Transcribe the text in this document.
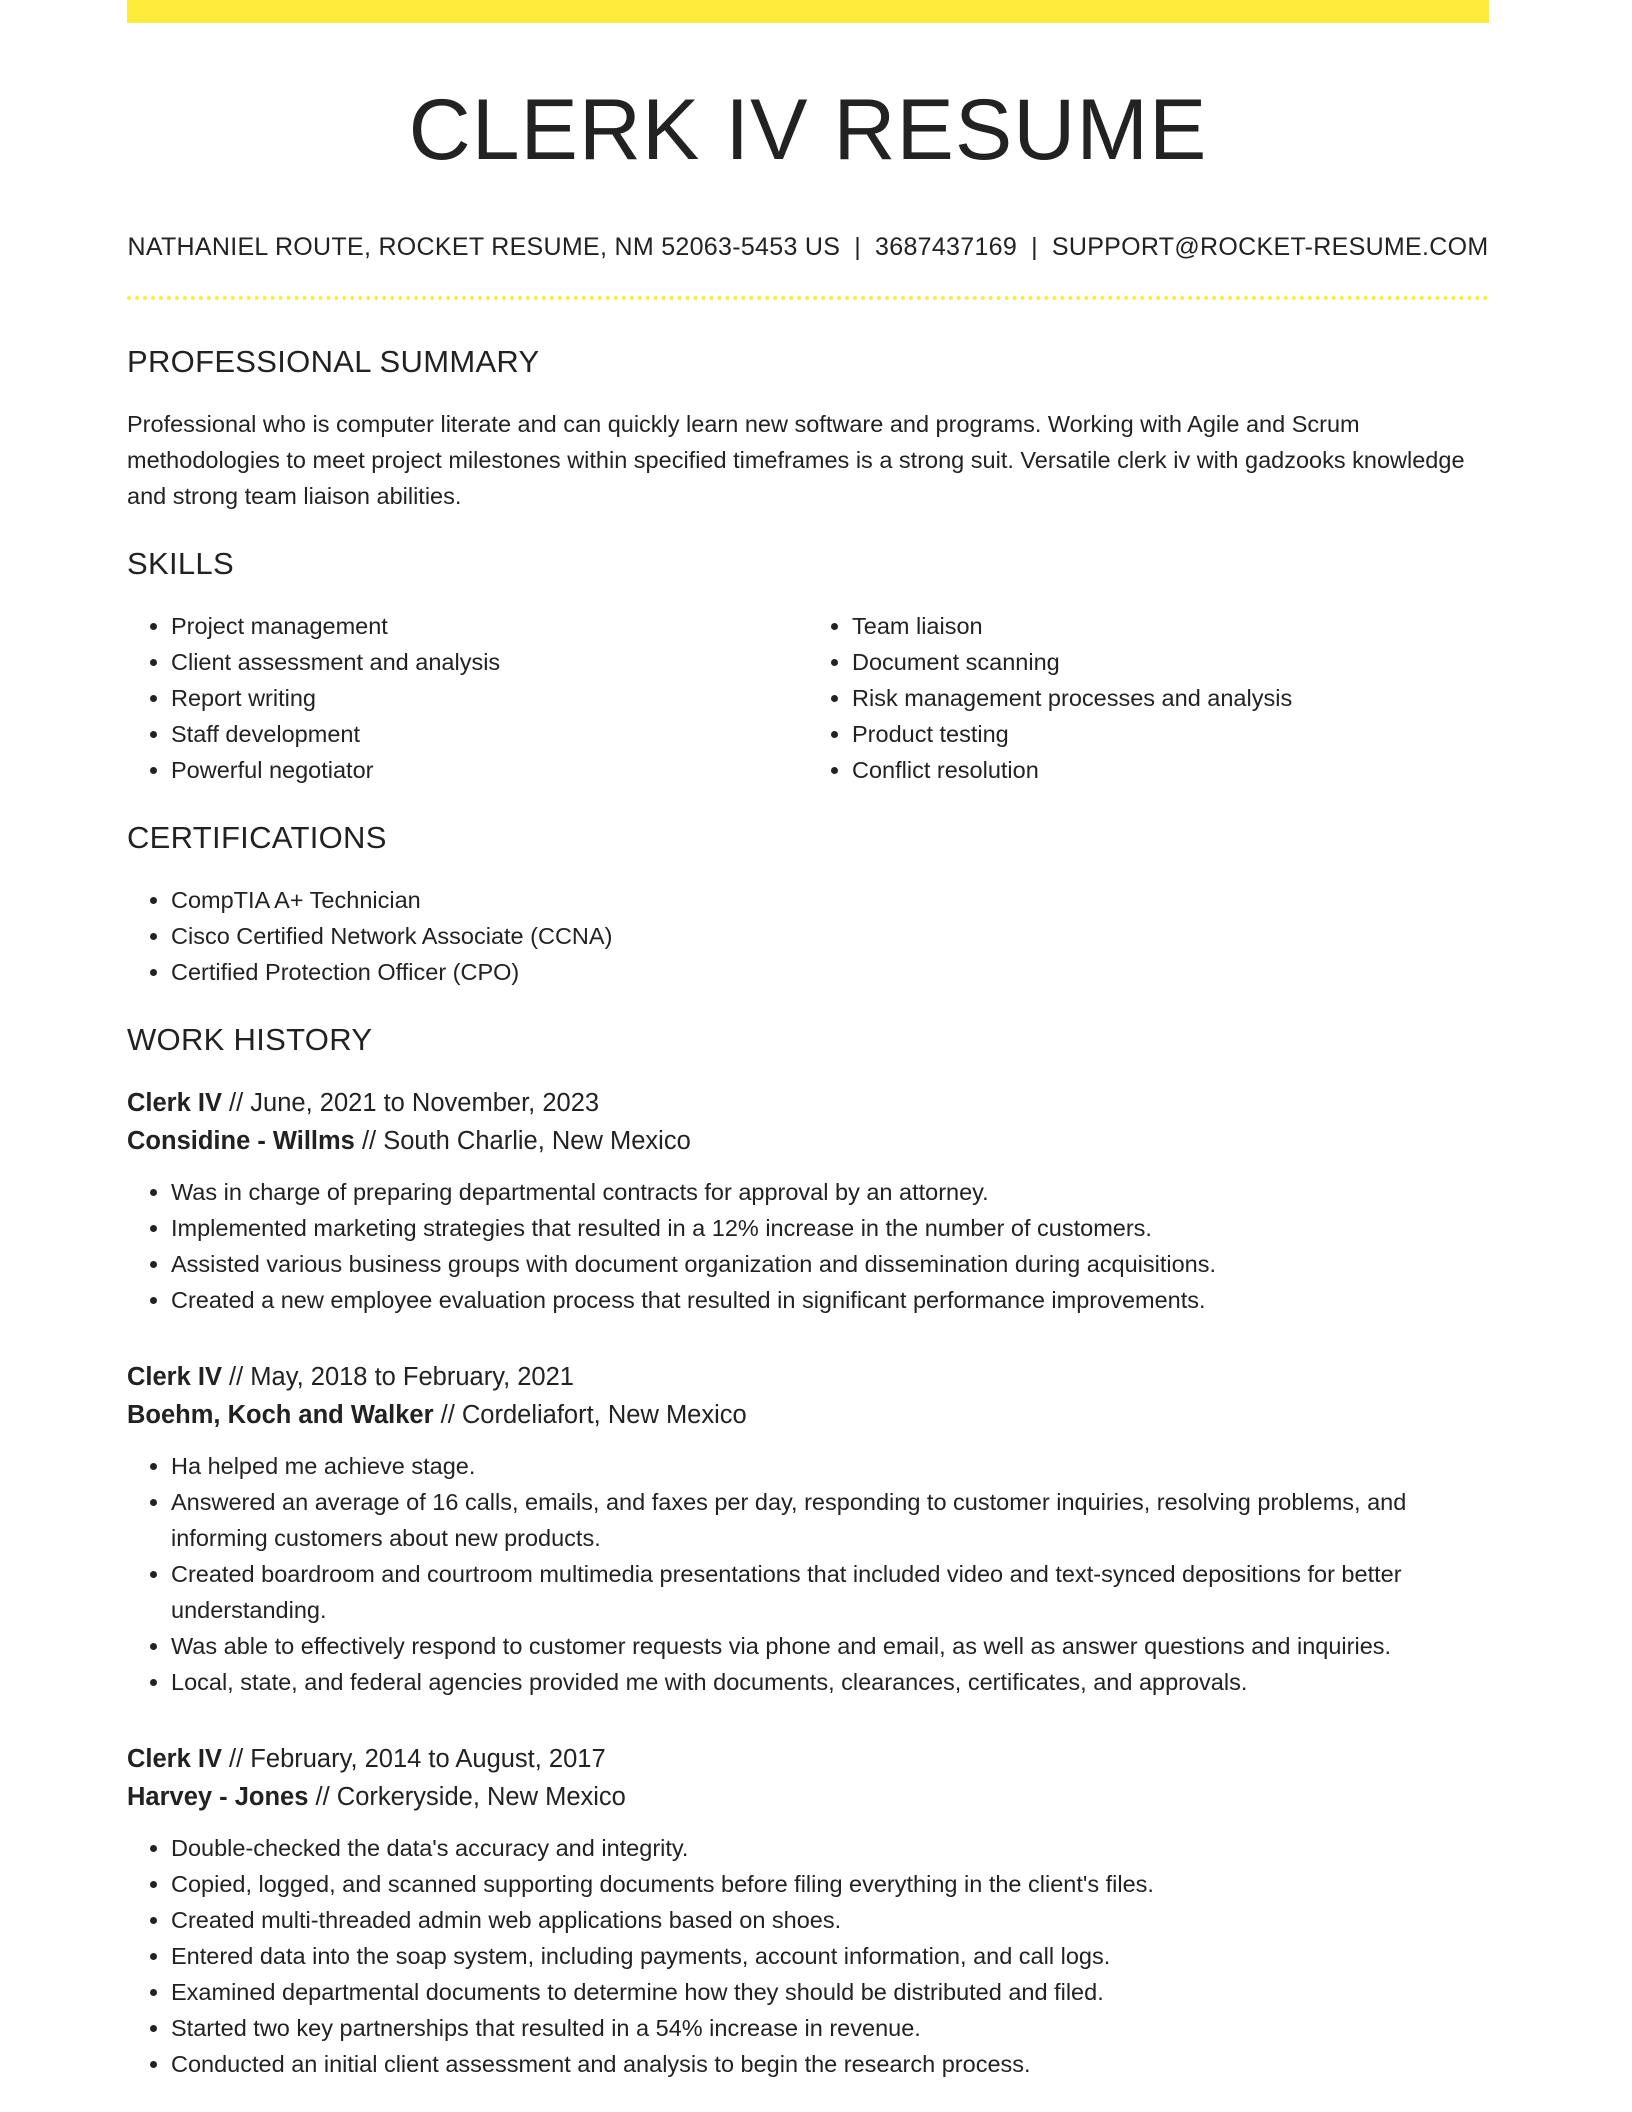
CLERK IV RESUME
NATHANIEL ROUTE, ROCKET RESUME, NM 52063-5453 US | 3687437169 | SUPPORT@ROCKET-RESUME.COM
PROFESSIONAL SUMMARY

Professional who is computer literate and can quickly learn new software and programs. Working with Agile and Scrum methodologies to meet project milestones within specified timeframes is a strong suit. Versatile clerk iv with gadzooks knowledge and strong team liaison abilities.

SKILLS
• Project management
• Client assessment and analysis
• Report writing
• Staff development
• Powerful negotiator
• Team liaison
• Document scanning
• Risk management processes and analysis
• Product testing
• Conflict resolution
CERTIFICATIONS
• CompTIA A+ Technician
• Cisco Certified Network Associate (CCNA)
• Certified Protection Officer (CPO)
WORK HISTORY
Clerk IV // June, 2021 to November, 2023
Considine - Willms // South Charlie, New Mexico
• Was in charge of preparing departmental contracts for approval by an attorney.
• Implemented marketing strategies that resulted in a 12% increase in the number of customers.
• Assisted various business groups with document organization and dissemination during acquisitions.
• Created a new employee evaluation process that resulted in significant performance improvements.
Clerk IV // May, 2018 to February, 2021
Boehm, Koch and Walker // Cordeliafort, New Mexico
• Ha helped me achieve stage.
• Answered an average of 16 calls, emails, and faxes per day, responding to customer inquiries, resolving problems, and informing customers about new products.
• Created boardroom and courtroom multimedia presentations that included video and text-synced depositions for better understanding.
• Was able to effectively respond to customer requests via phone and email, as well as answer questions and inquiries.
• Local, state, and federal agencies provided me with documents, clearances, certificates, and approvals.
Clerk IV // February, 2014 to August, 2017
Harvey - Jones // Corkeryside, New Mexico
• Double-checked the data's accuracy and integrity.
• Copied, logged, and scanned supporting documents before filing everything in the client's files.
• Created multi-threaded admin web applications based on shoes.
• Entered data into the soap system, including payments, account information, and call logs.
• Examined departmental documents to determine how they should be distributed and filed.
• Started two key partnerships that resulted in a 54% increase in revenue.
• Conducted an initial client assessment and analysis to begin the research process.
